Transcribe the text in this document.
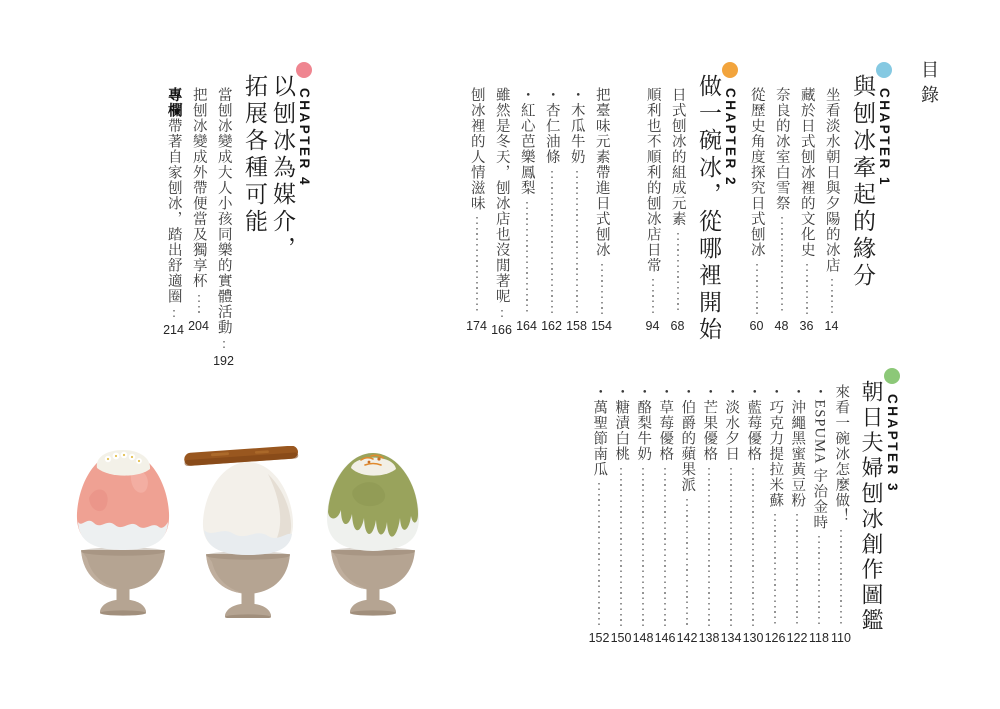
目錄
CHAPTER 1
與刨冰牽起的緣分
坐看淡水朝日與夕陽的冰店
14
藏於日式刨冰裡的文化史
36
奈良的冰室白雪祭
48
從歷史角度探究日式刨冰
60
CHAPTER 2
做一碗冰，從哪裡開始
日式刨冰的組成元素
68
順利也不順利的刨冰店日常
94
把臺味元素帶進日式刨冰
154
・木瓜牛奶
158
・杏仁油條
162
・紅心芭樂鳳梨
164
雖然是冬天，刨冰店也沒閒著呢
166
刨冰裡的人情滋味
174
CHAPTER 4
以刨冰為媒介，
拓展各種可能
當刨冰變成大人小孩同樂的實體活動
192
把刨冰變成外帶便當及獨享杯
204
專欄帶著自家刨冰，踏出舒適圈
214
CHAPTER 3
朝日夫婦刨冰創作圖鑑
來看一碗冰怎麼做！
110
・ESPUMA 宇治金時
118
・沖繩黑蜜黃豆粉
122
・巧克力提拉米蘇
126
・藍莓優格
130
・淡水夕日
134
・芒果優格
138
・伯爵的蘋果派
142
・草莓優格
146
・酪梨牛奶
148
・糖漬白桃
150
・萬聖節南瓜
152
